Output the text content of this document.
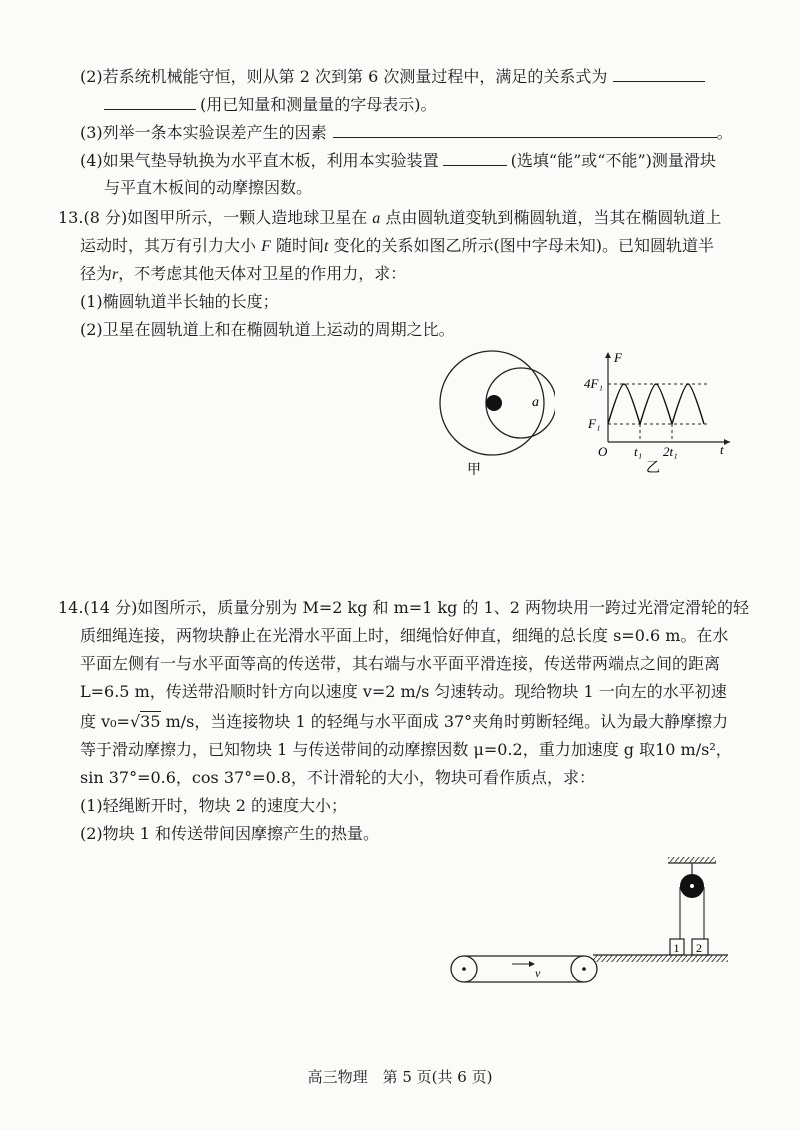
(2)若系统机械能守恒，则从第 2 次到第 6 次测量过程中，满足的关系式为
(用已知量和测量量的字母表示)。
(3)列举一条本实验误差产生的因素	。
(4)如果气垫导轨换为水平直木板，利用本实验装置	(选填“能”或“不能”)测量滑块
与平直木板间的动摩擦因数。
13.(8 分)如图甲所示，一颗人造地球卫星在 a 点由圆轨道变轨到椭圆轨道，当其在椭圆轨道上
运动时，其万有引力大小 F 随时间t 变化的关系如图乙所示(图中字母未知)。已知圆轨道半
径为r，不考虑其他天体对卫星的作用力，求：
(1)椭圆轨道半长轴的长度；
(2)卫星在圆轨道上和在椭圆轨道上运动的周期之比。
a
甲
F
4F₁
F₁
O t₁ 2t₁	t
乙
14.(14 分)如图所示，质量分别为 M=2 kg 和 m=1 kg 的 1、2 两物块用一跨过光滑定滑轮的轻
质细绳连接，两物块静止在光滑水平面上时，细绳恰好伸直，细绳的总长度 s=0.6 m。在水
平面左侧有一与水平面等高的传送带，其右端与水平面平滑连接，传送带两端点之间的距离
L=6.5 m，传送带沿顺时针方向以速度 v=2 m/s 匀速转动。现给物块 1 一向左的水平初速
度 v₀=√35 m/s，当连接物块 1 的轻绳与水平面成 37°夹角时剪断轻绳。认为最大静摩擦力
等于滑动摩擦力，已知物块 1 与传送带间的动摩擦因数 μ=0.2，重力加速度 g 取10 m/s²，
sin 37°=0.6，cos 37°=0.8，不计滑轮的大小，物块可看作质点，求：
(1)轻绳断开时，物块 2 的速度大小；
(2)物块 1 和传送带间因摩擦产生的热量。
1 2
v
高三物理　第 5 页(共 6 页)
